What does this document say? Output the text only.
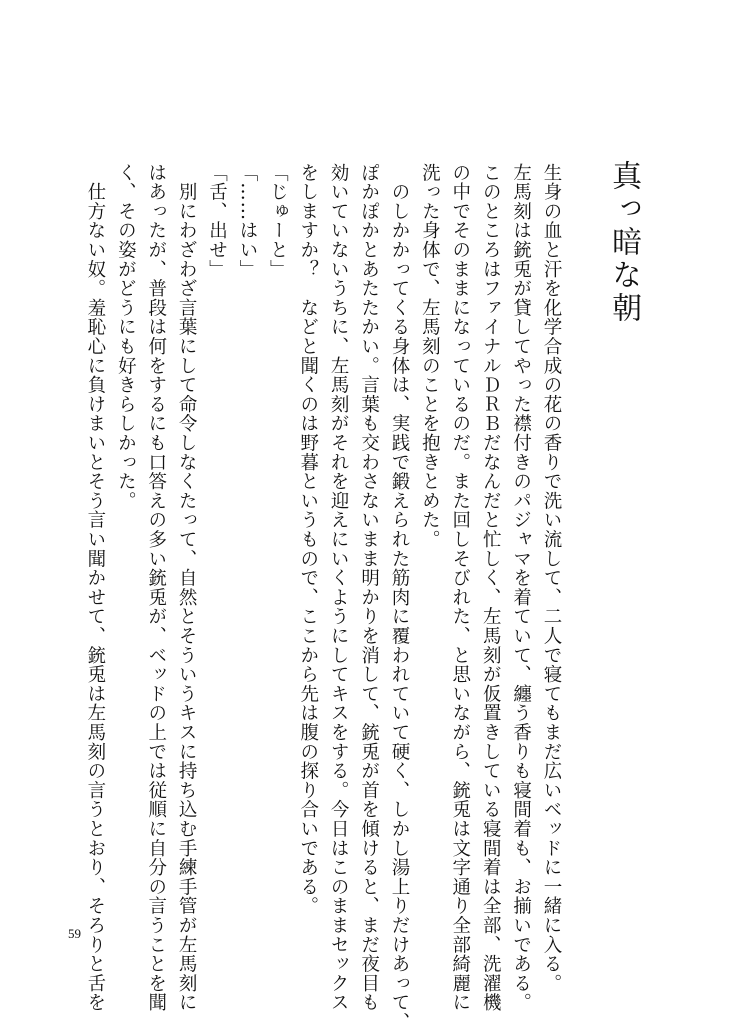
真っ暗な朝

生身の血と汗を化学合成の花の香りで洗い流して、二人で寝てもまだ広いベッドに一緒に入る。

左馬刻は銃兎が貸してやった襟付きのパジャマを着ていて、纏う香りも寝間着も、お揃いである。

このところはファイナルＤＲＢだなんだと忙しく、左馬刻が仮置きしている寝間着は全部、洗濯機

の中でそのままになっているのだ。また回しそびれた、と思いながら、銃兎は文字通り全部綺麗に

洗った身体で、左馬刻のことを抱きとめた。

　のしかかってくる身体は、実践で鍛えられた筋肉に覆われていて硬く、しかし湯上りだけあって、

ぽかぽかとあたたかい。言葉も交わさないまま明かりを消して、銃兎が首を傾けると、まだ夜目も

効いていないうちに、左馬刻がそれを迎えにいくようにしてキスをする。今日はこのままセックス

をしますか？　などと聞くのは野暮というもので、ここから先は腹の探り合いである。

「じゅーと」

「……はい」

「舌、出せ」

　別にわざわざ言葉にして命令しなくたって、自然とそういうキスに持ち込む手練手管が左馬刻に

はあったが、普段は何をするにも口答えの多い銃兎が、ベッドの上では従順に自分の言うことを聞

く、その姿がどうにも好きらしかった。

　仕方ない奴。羞恥心に負けまいとそう言い聞かせて、銃兎は左馬刻の言うとおり、そろりと舌を

59
